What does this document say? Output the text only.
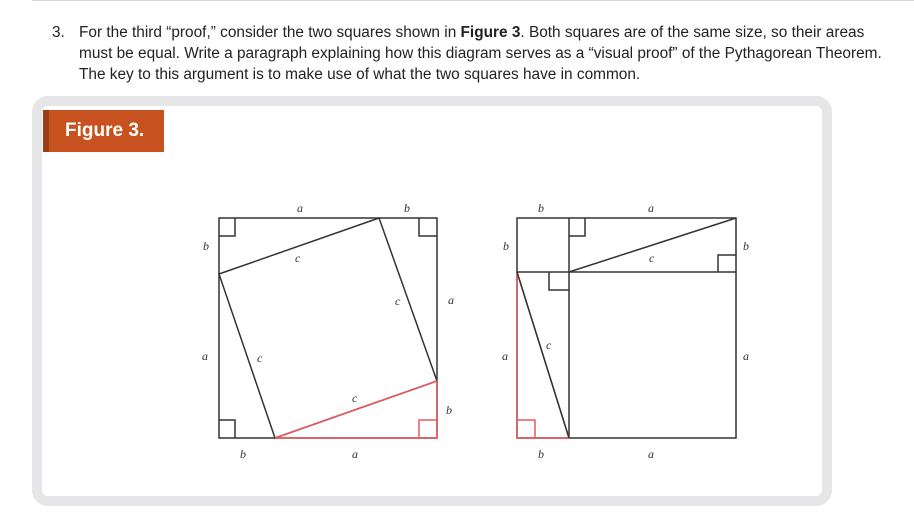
3. For the third “proof,” consider the two squares shown in Figure 3. Both squares are of the same size, so their areas must be equal. Write a paragraph explaining how this diagram serves as a “visual proof” of the Pythagorean Theorem. The key to this argument is to make use of what the two squares have in common.
Figure 3.
a	b
b
a
b	a
a
b
c
c
c
c
b	a
b
a
b	a
b
a
c
c
